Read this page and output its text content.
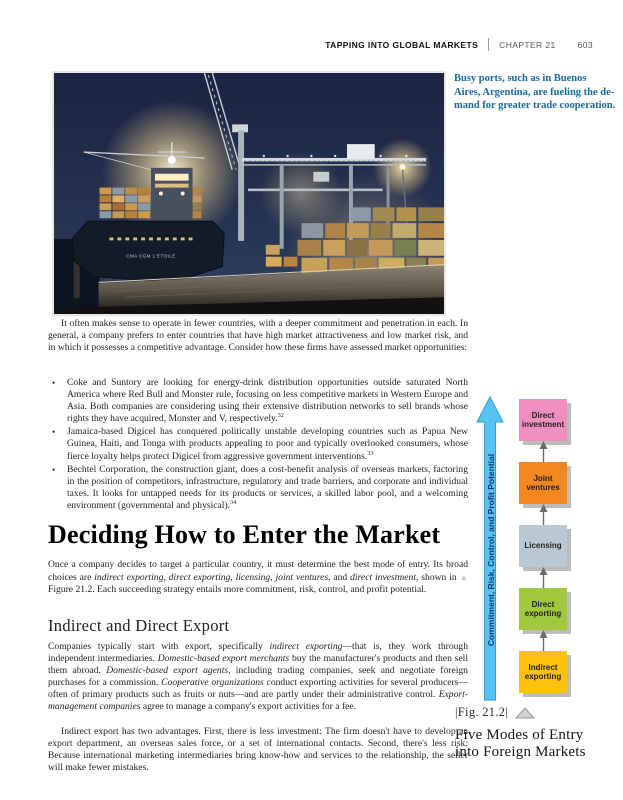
TAPPING INTO GLOBAL MARKETS CHAPTER 21	603
CMA CGM L'ETOILE
Busy ports, such as in Buenos
Aires, Argentina, are fueling the de-
mand for greater trade cooperation.
It often makes sense to operate in fewer countries, with a deeper commitment and penetration in each. In general, a company prefers to enter countries that have high market attractiveness and low market risk, and in which it possesses a competitive advantage. Consider how these firms have assessed market opportunities:
• Coke and Suntory are looking for energy-drink distribution opportunities outside saturated North America where Red Bull and Monster rule, focusing on less competitive markets in Western Europe and Asia. Both companies are considering using their extensive distribution networks to sell brands whose rights they have acquired, Monster and V, respectively.$^{32}$
• Jamaica-based Digicel has conquered politically unstable developing countries such as Papua New Guinea, Haiti, and Tonga with products appealing to poor and typically overlooked consumers, whose fierce loyalty helps protect Digicel from aggressive government interventions.$^{33}$
• Bechtel Corporation, the construction giant, does a cost-benefit analysis of overseas markets, factoring in the position of competitors, infrastructure, regulatory and trade barriers, and corporate and individual taxes. It looks for untapped needs for its products or services, a skilled labor pool, and a welcoming environment (governmental and physical).$^{34}$
Deciding How to Enter the Market
Once a company decides to target a particular country, it must determine the best mode of entry. Its broad choices are indirect exporting, direct exporting, licensing, joint ventures, and direct investment, shown in ▲ Figure 21.2. Each succeeding strategy entails more commitment, risk, control, and profit potential.
Indirect and Direct Export
Companies typically start with export, specifically indirect exporting—that is, they work through independent intermediaries. Domestic-based export merchants buy the manufacturer's products and then sell them abroad. Domestic-based export agents, including trading companies, seek and negotiate foreign purchases for a commission. Cooperative organizations conduct exporting activities for several producers—often of primary products such as fruits or nuts—and are partly under their administrative control. Export-management companies agree to manage a company's export activities for a fee.
Indirect export has two advantages. First, there is less investment: The firm doesn't have to develop an export department, an overseas sales force, or a set of international contacts. Second, there's less risk: Because international marketing intermediaries bring know-how and services to the relationship, the seller will make fewer mistakes.
Commitment, Risk, Control, and Profit Potential
Direct investment
Joint ventures
Licensing
Direct exporting
Indirect exporting
|Fig. 21.2|
Five Modes of Entry
into Foreign Markets
